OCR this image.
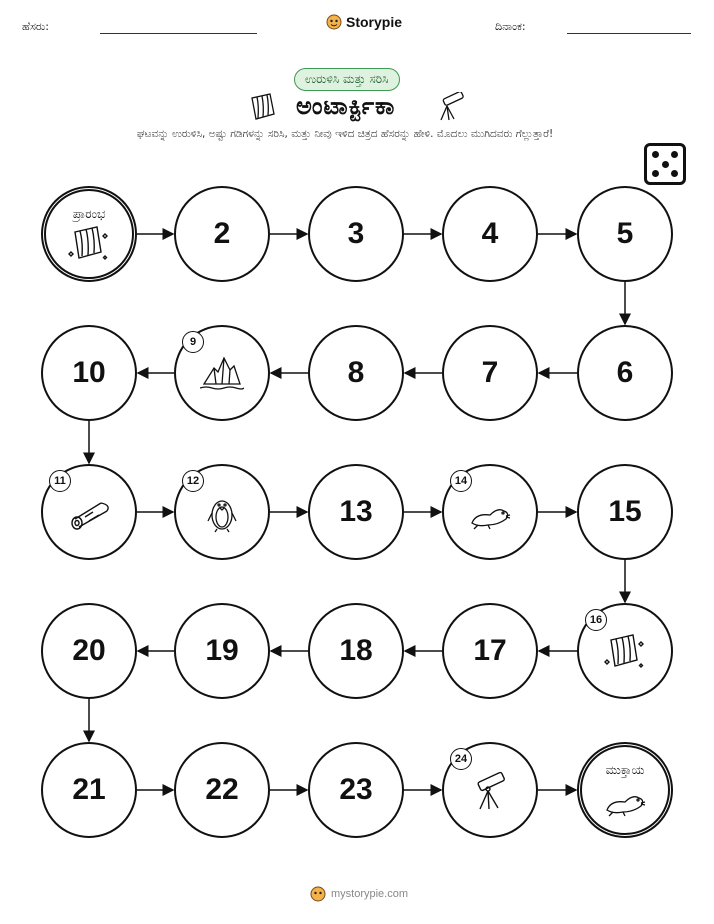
ಹೆಸರು:	Storypie	ದಿನಾಂಕ:
ಉರುಳಿಸಿ ಮತ್ತು ಸರಿಸಿ
ಅಂಟಾರ್ಕ್ಟಿಕಾ
ಘಟವನ್ನು ಉರುಳಿಸಿ, ಅಷ್ಟು ಗಡಿಗಳನ್ನು ಸರಿಸಿ, ಮತ್ತು ನೀವು ಇಳಿದ ಚಿತ್ರದ ಹೆಸರನ್ನು ಹೇಳಿ. ಮೊದಲು ಮುಗಿದವರು ಗೆಲ್ಲುತ್ತಾರೆ!
ಪ್ರಾರಂಭ
2	3	4	5
6
7
8
9
10
11	12
13
14
15
16
17
18
19
20
21	22	23
24
ಮುಕ್ತಾಯ
mystorypie.com
